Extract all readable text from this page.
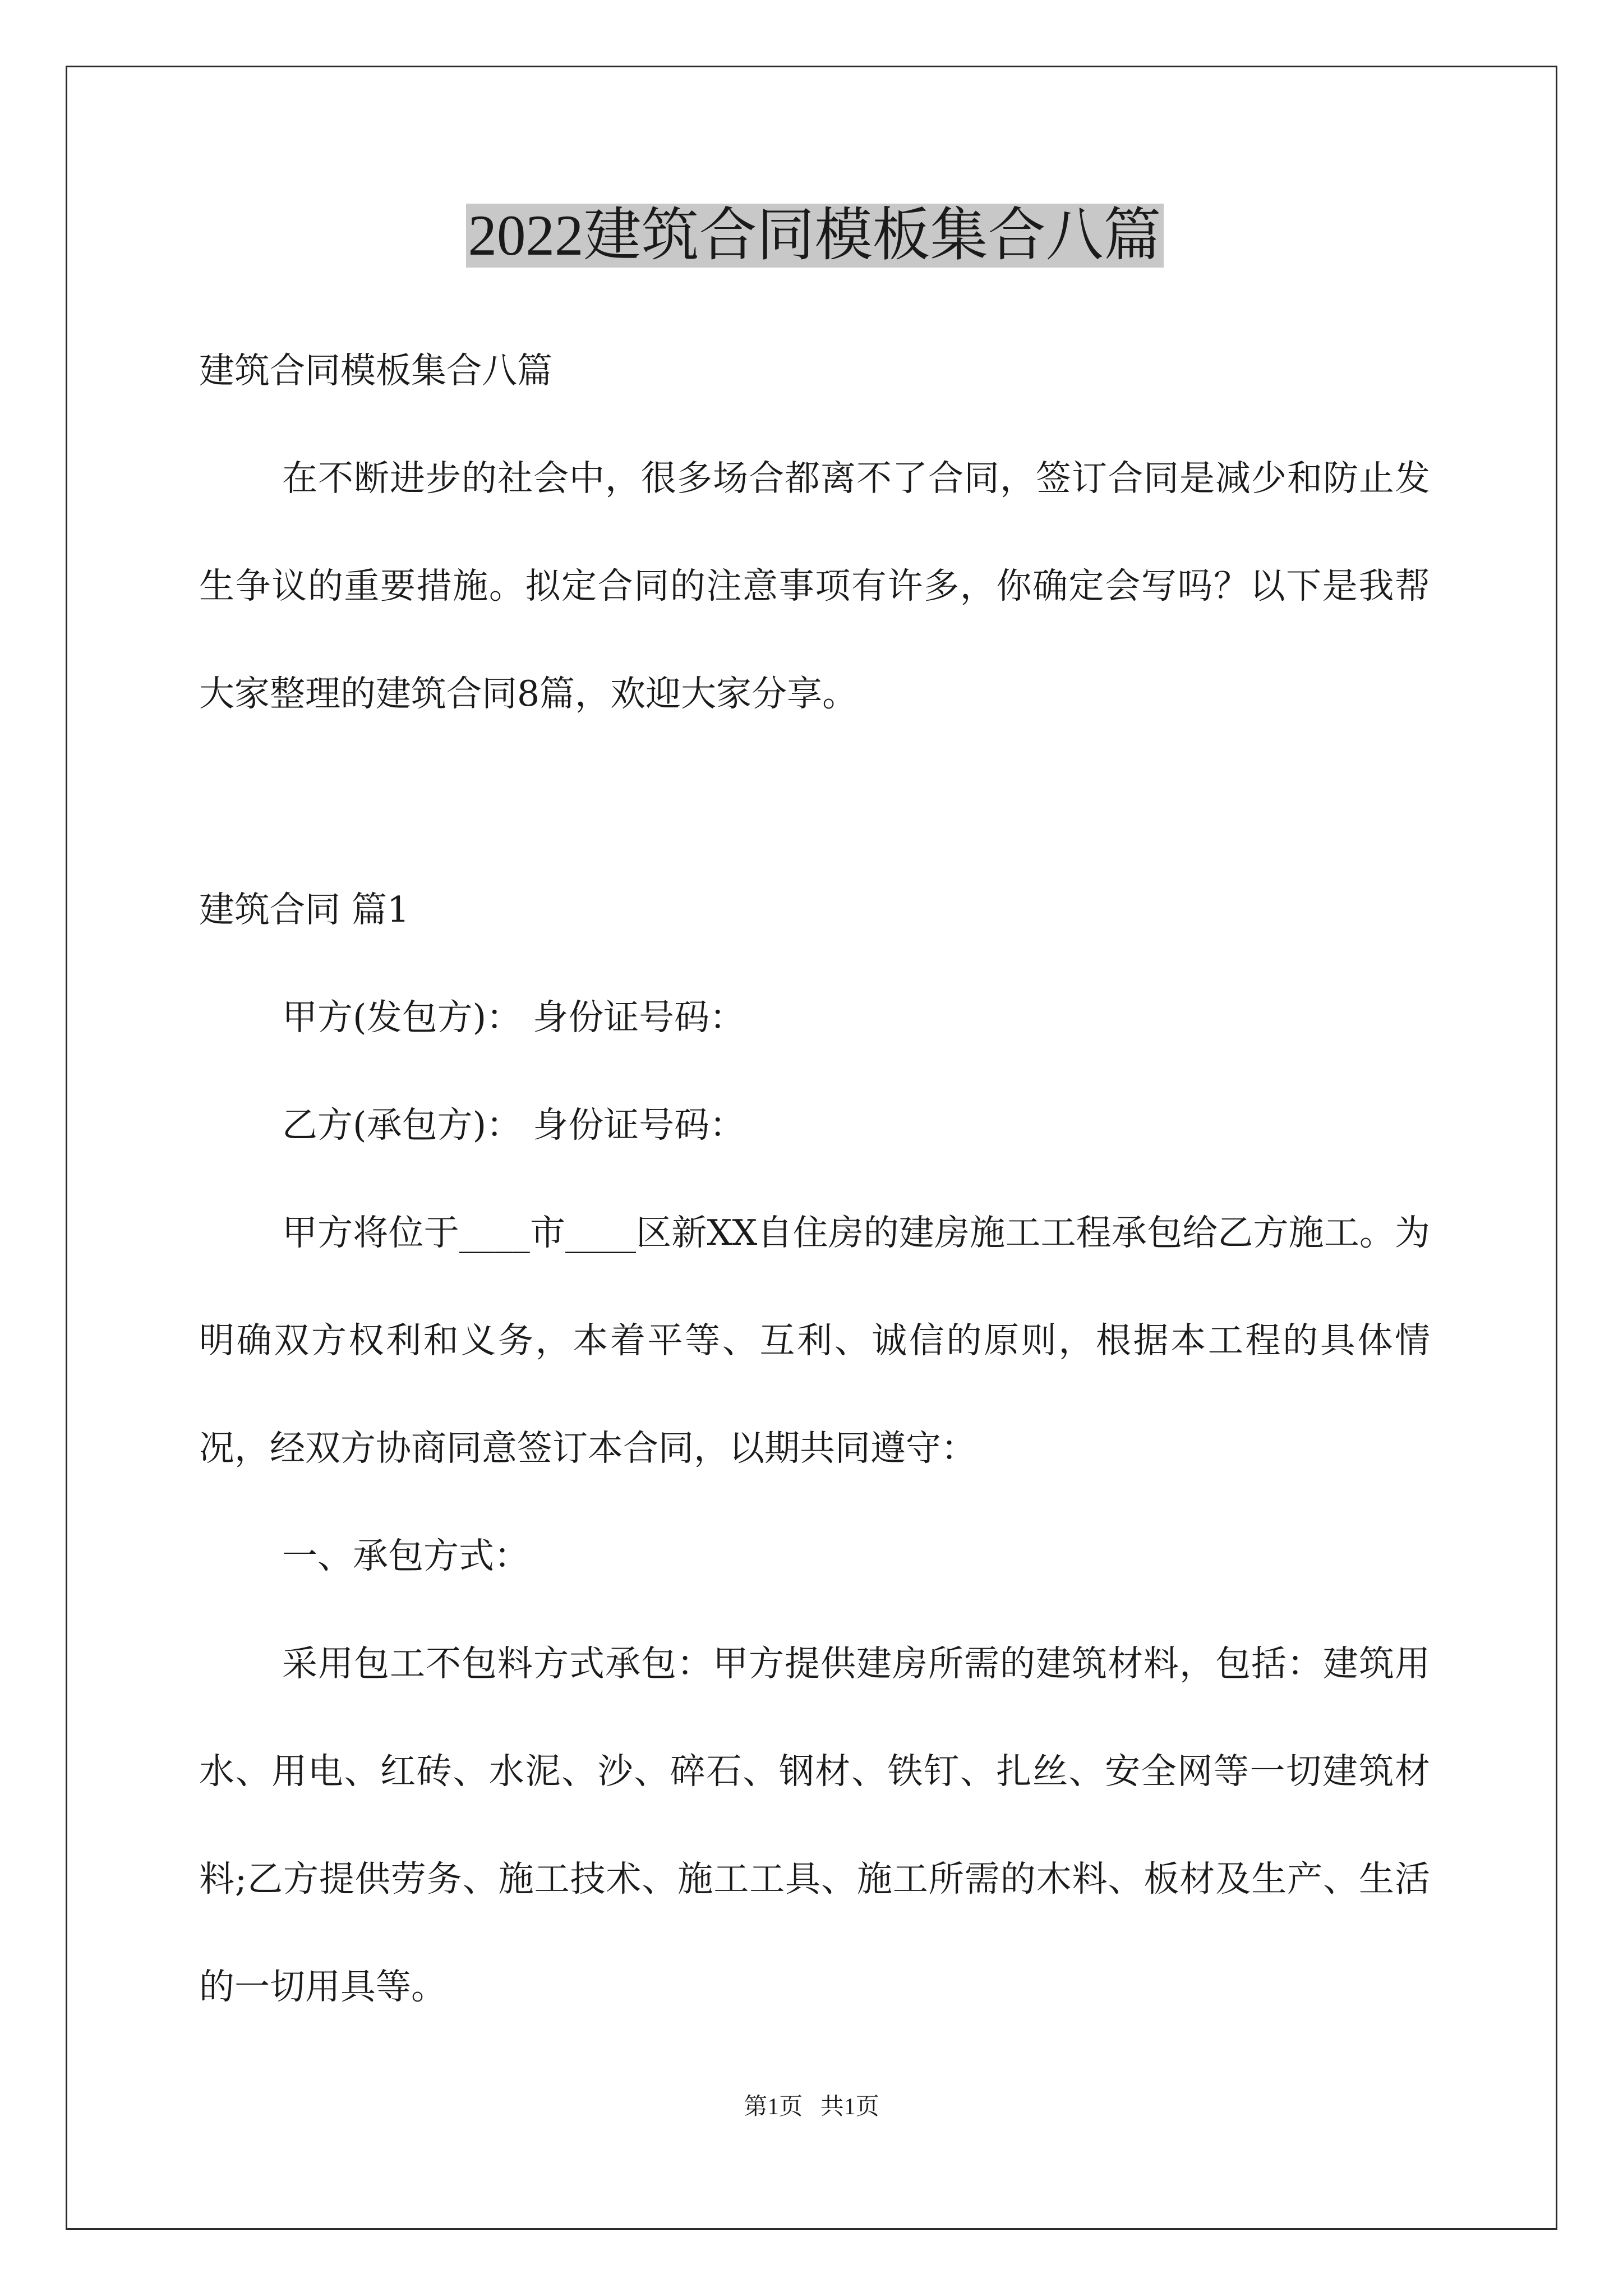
2022建筑合同模板集合八篇

建筑合同模板集合八篇

在不断进步的社会中，很多场合都离不了合同，签订合同是减少和防止发生争议的重要措施。拟定合同的注意事项有许多，你确定会写吗？以下是我帮大家整理的建筑合同8篇，欢迎大家分享。

建筑合同 篇1

甲方(发包方)： 身份证号码：

乙方(承包方)： 身份证号码：

甲方将位于____市____区新XX自住房的建房施工工程承包给乙方施工。为明确双方权利和义务，本着平等、互利、诚信的原则，根据本工程的具体情况，经双方协商同意签订本合同，以期共同遵守：

一、承包方式：

采用包工不包料方式承包：甲方提供建房所需的建筑材料，包括：建筑用水、用电、红砖、水泥、沙、碎石、钢材、铁钉、扎丝、安全网等一切建筑材料;乙方提供劳务、施工技术、施工工具、施工所需的木料、板材及生产、生活的一切用具等。

第1页   共1页
